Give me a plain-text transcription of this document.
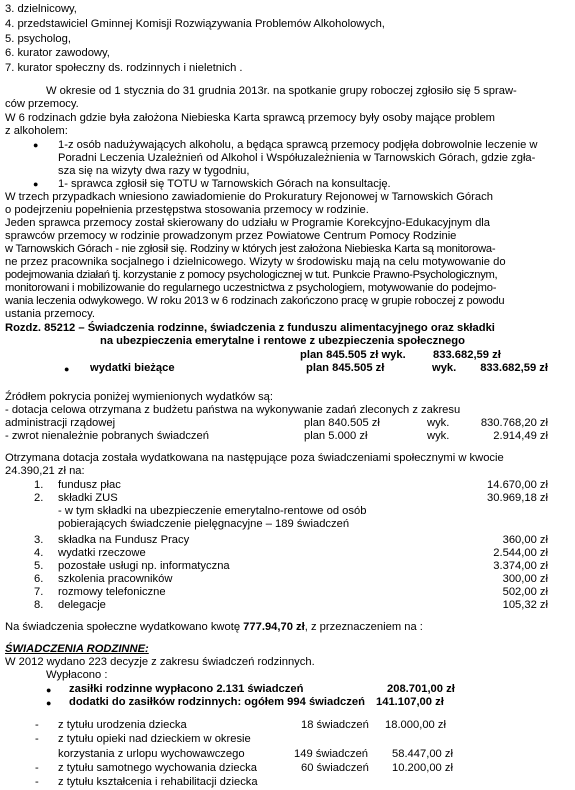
3. dzielnicowy,
4. przedstawiciel Gminnej Komisji Rozwiązywania Problemów Alkoholowych,
5. psycholog,
6. kurator zawodowy,
7. kurator społeczny ds. rodzinnych i nieletnich .
W okresie od 1 stycznia do 31 grudnia 2013r. na spotkanie grupy roboczej zgłosiło się 5 spraw-
ców przemocy.
W 6 rodzinach gdzie była założona Niebieska Karta sprawcą przemocy były osoby mające problem
z alkoholem:
● 1-z osób nadużywających alkoholu, a będąca sprawcą przemocy podjęła dobrowolnie leczenie w
Poradni Leczenia Uzależnień od Alkohol i Współuzależnienia w Tarnowskich Górach, gdzie zgła-
sza się na wizyty dwa razy w tygodniu,
● 1- sprawca zgłosił się TOTU w Tarnowskich Górach na konsultację.
W trzech przypadkach wniesiono zawiadomienie do Prokuratury Rejonowej w Tarnowskich Górach
o podejrzeniu popełnienia przestępstwa stosowania przemocy w rodzinie.
Jeden sprawca przemocy został skierowany do udziału w Programie Korekcyjno-Edukacyjnym dla
sprawców przemocy w rodzinie prowadzonym przez Powiatowe Centrum Pomocy Rodzinie
w Tarnowskich Górach - nie zgłosił się. Rodziny w których jest założona Niebieska Karta są monitorowa-
ne przez pracownika socjalnego i dzielnicowego. Wizyty w środowisku mają na celu motywowanie do
podejmowania działań tj. korzystanie z pomocy psychologicznej w tut. Punkcie Prawno-Psychologicznym,
monitorowani i mobilizowanie do regularnego uczestnictwa z psychologiem, motywowanie do podejmo-
wania leczenia odwykowego. W roku 2013 w 6 rodzinach zakończono pracę w grupie roboczej z powodu
ustania przemocy.
Rozdz. 85212 – Świadczenia rodzinne, świadczenia z funduszu alimentacyjnego oraz składki
na ubezpieczenia emerytalne i rentowe z ubezpieczenia społecznego
plan 845.505 zł wyk. 833.682,59 zł
● wydatki bieżące	plan 845.505 zł	wyk. 833.682,59 zł
Źródłem pokrycia poniżej wymienionych wydatków są:
- dotacja celowa otrzymana z budżetu państwa na wykonywanie zadań zleconych z zakresu
administracji rządowej	plan 840.505 zł	wyk.	830.768,20 zł
- zwrot nienależnie pobranych świadczeń	plan 5.000 zł	wyk.	2.914,49 zł
Otrzymana dotacja została wydatkowana na następujące poza świadczeniami społecznymi w kwocie
24.390,21 zł na:
1. fundusz płac	14.670,00 zł
2. składki ZUS	30.969,18 zł
- w tym składki na ubezpieczenie emerytalno-rentowe od osób
pobierających świadczenie pielęgnacyjne – 189 świadczeń
3. składka na Fundusz Pracy	360,00 zł
4. wydatki rzeczowe	2.544,00 zł
5. pozostałe usługi np. informatyczna	3.374,00 zł
6. szkolenia pracowników	300,00 zł
7. rozmowy telefoniczne	502,00 zł
8. delegacje	105,32 zł
Na świadczenia społeczne wydatkowano kwotę 777.94,70 zł, z przeznaczeniem na :
ŚWIADCZENIA RODZINNE:
W 2012 wydano 223 decyzje z zakresu świadczeń rodzinnych.
Wypłacono :
● zasiłki rodzinne wypłacono 2.131 świadczeń	208.701,00 zł
● dodatki do zasiłków rodzinnych: ogółem 994 świadczeń 141.107,00 zł
- z tytułu urodzenia dziecka	18 świadczeń 18.000,00 zł
- z tytułu opieki nad dzieckiem w okresie
korzystania z urlopu wychowawczego	149 świadczeń 58.447,00 zł
- z tytułu samotnego wychowania dziecka	60 świadczeń 10.200,00 zł
- z tytułu kształcenia i rehabilitacji dziecka
